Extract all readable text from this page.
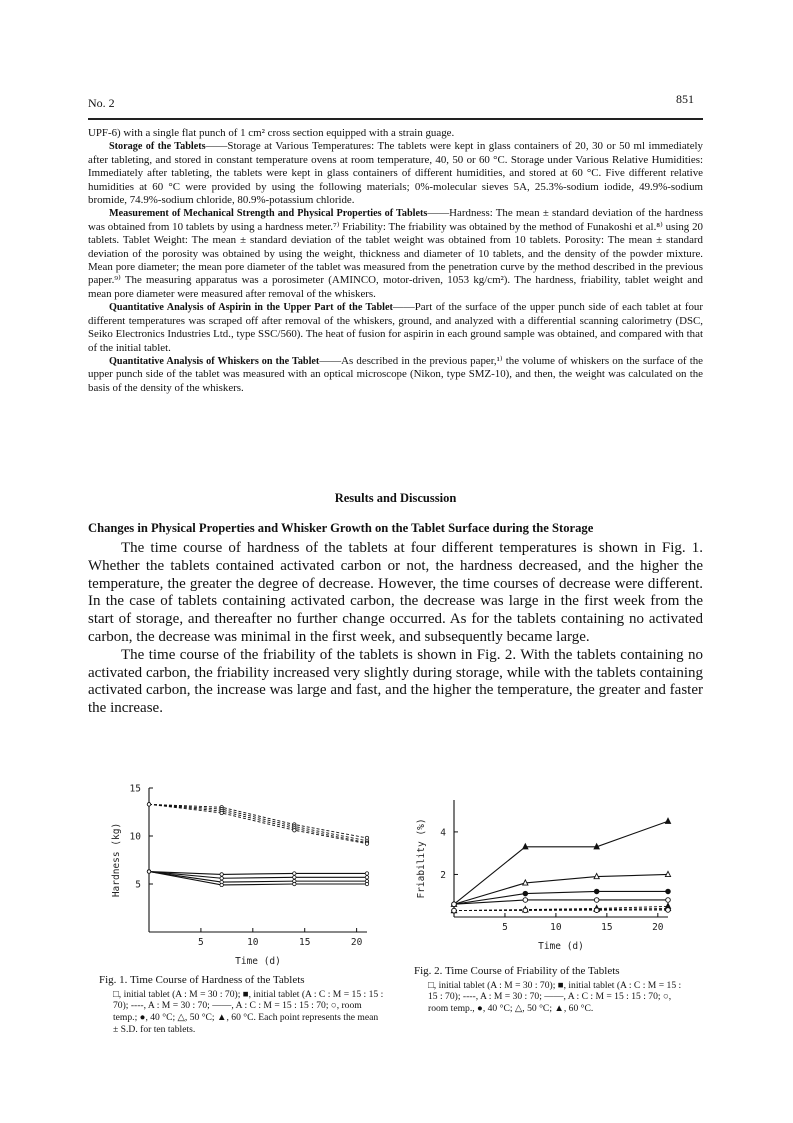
No. 2	851

UPF-6) with a single flat punch of 1 cm² cross section equipped with a strain guage.

Storage of the Tablets——Storage at Various Temperatures: The tablets were kept in glass containers of 20, 30 or 50 ml immediately after tableting, and stored in constant temperature ovens at room temperature, 40, 50 or 60 °C. Storage under Various Relative Humidities: Immediately after tableting, the tablets were kept in glass containers of different humidities, and stored at 60 °C. Five different relative humidities at 60 °C were provided by using the following materials; 0%-molecular sieves 5A, 25.3%-sodium iodide, 49.9%-sodium bromide, 74.9%-sodium chloride, 80.9%-potassium chloride.

Measurement of Mechanical Strength and Physical Properties of Tablets——Hardness: The mean ± standard deviation of the hardness was obtained from 10 tablets by using a hardness meter.⁷⁾ Friability: The friability was obtained by the method of Funakoshi et al.⁸⁾ using 20 tablets. Tablet Weight: The mean ± standard deviation of the tablet weight was obtained from 10 tablets. Porosity: The mean ± standard deviation of the porosity was obtained by using the weight, thickness and diameter of 10 tablets, and the density of the powder mixture. Mean pore diameter; the mean pore diameter of the tablet was measured from the penetration curve by the method described in the previous paper.⁹⁾ The measuring apparatus was a porosimeter (AMINCO, motor-driven, 1053 kg/cm²). The hardness, friability, tablet weight and mean pore diameter were measured after removal of the whiskers.

Quantitative Analysis of Aspirin in the Upper Part of the Tablet——Part of the surface of the upper punch side of each tablet at four different temperatures was scraped off after removal of the whiskers, ground, and analyzed with a differential scanning calorimetry (DSC, Seiko Electronics Industries Ltd., type SSC/560). The heat of fusion for aspirin in each ground sample was obtained, and compared with that of the initial tablet.

Quantitative Analysis of Whiskers on the Tablet——As described in the previous paper,¹⁾ the volume of whiskers on the surface of the upper punch side of the tablet was measured with an optical microscope (Nikon, type SMZ-10), and then, the weight was calculated on the basis of the density of the whiskers.

Results and Discussion
Changes in Physical Properties and Whisker Growth on the Tablet Surface during the Storage

The time course of hardness of the tablets at four different temperatures is shown in Fig. 1. Whether the tablets contained activated carbon or not, the hardness decreased, and the higher the temperature, the greater the degree of decrease. However, the time courses of decrease were different. In the case of tablets containing activated carbon, the decrease was large in the first week from the start of storage, and thereafter no further change occurred. As for the tablets containing no activated carbon, the decrease was minimal in the first week, and subsequently became large.

The time course of the friability of the tablets is shown in Fig. 2. With the tablets containing no activated carbon, the friability increased very slightly during storage, while with the tablets containing activated carbon, the increase was large and fast, and the higher the temperature, the greater and faster the increase.

5	10	15	20
5
10
15
Time (d)
Hardness (kg)
5	10	15	20
2
4
Time (d)
Friability (%)
Fig. 1. Time Course of Hardness of the Tablets
□, initial tablet (A : M = 30 : 70); ■, initial tablet (A : C : M = 15 : 15 : 70); ----, A : M = 30 : 70; ——, A : C : M = 15 : 15 : 70; ○, room temp.; ●, 40 °C; △, 50 °C; ▲, 60 °C. Each point represents the mean ± S.D. for ten tablets.
Fig. 2. Time Course of Friability of the Tablets
□, initial tablet (A : M = 30 : 70); ■, initial tablet (A : C : M = 15 : 15 : 70); ----, A : M = 30 : 70; ——, A : C : M = 15 : 15 : 70; ○, room temp., ●, 40 °C; △, 50 °C; ▲, 60 °C.
